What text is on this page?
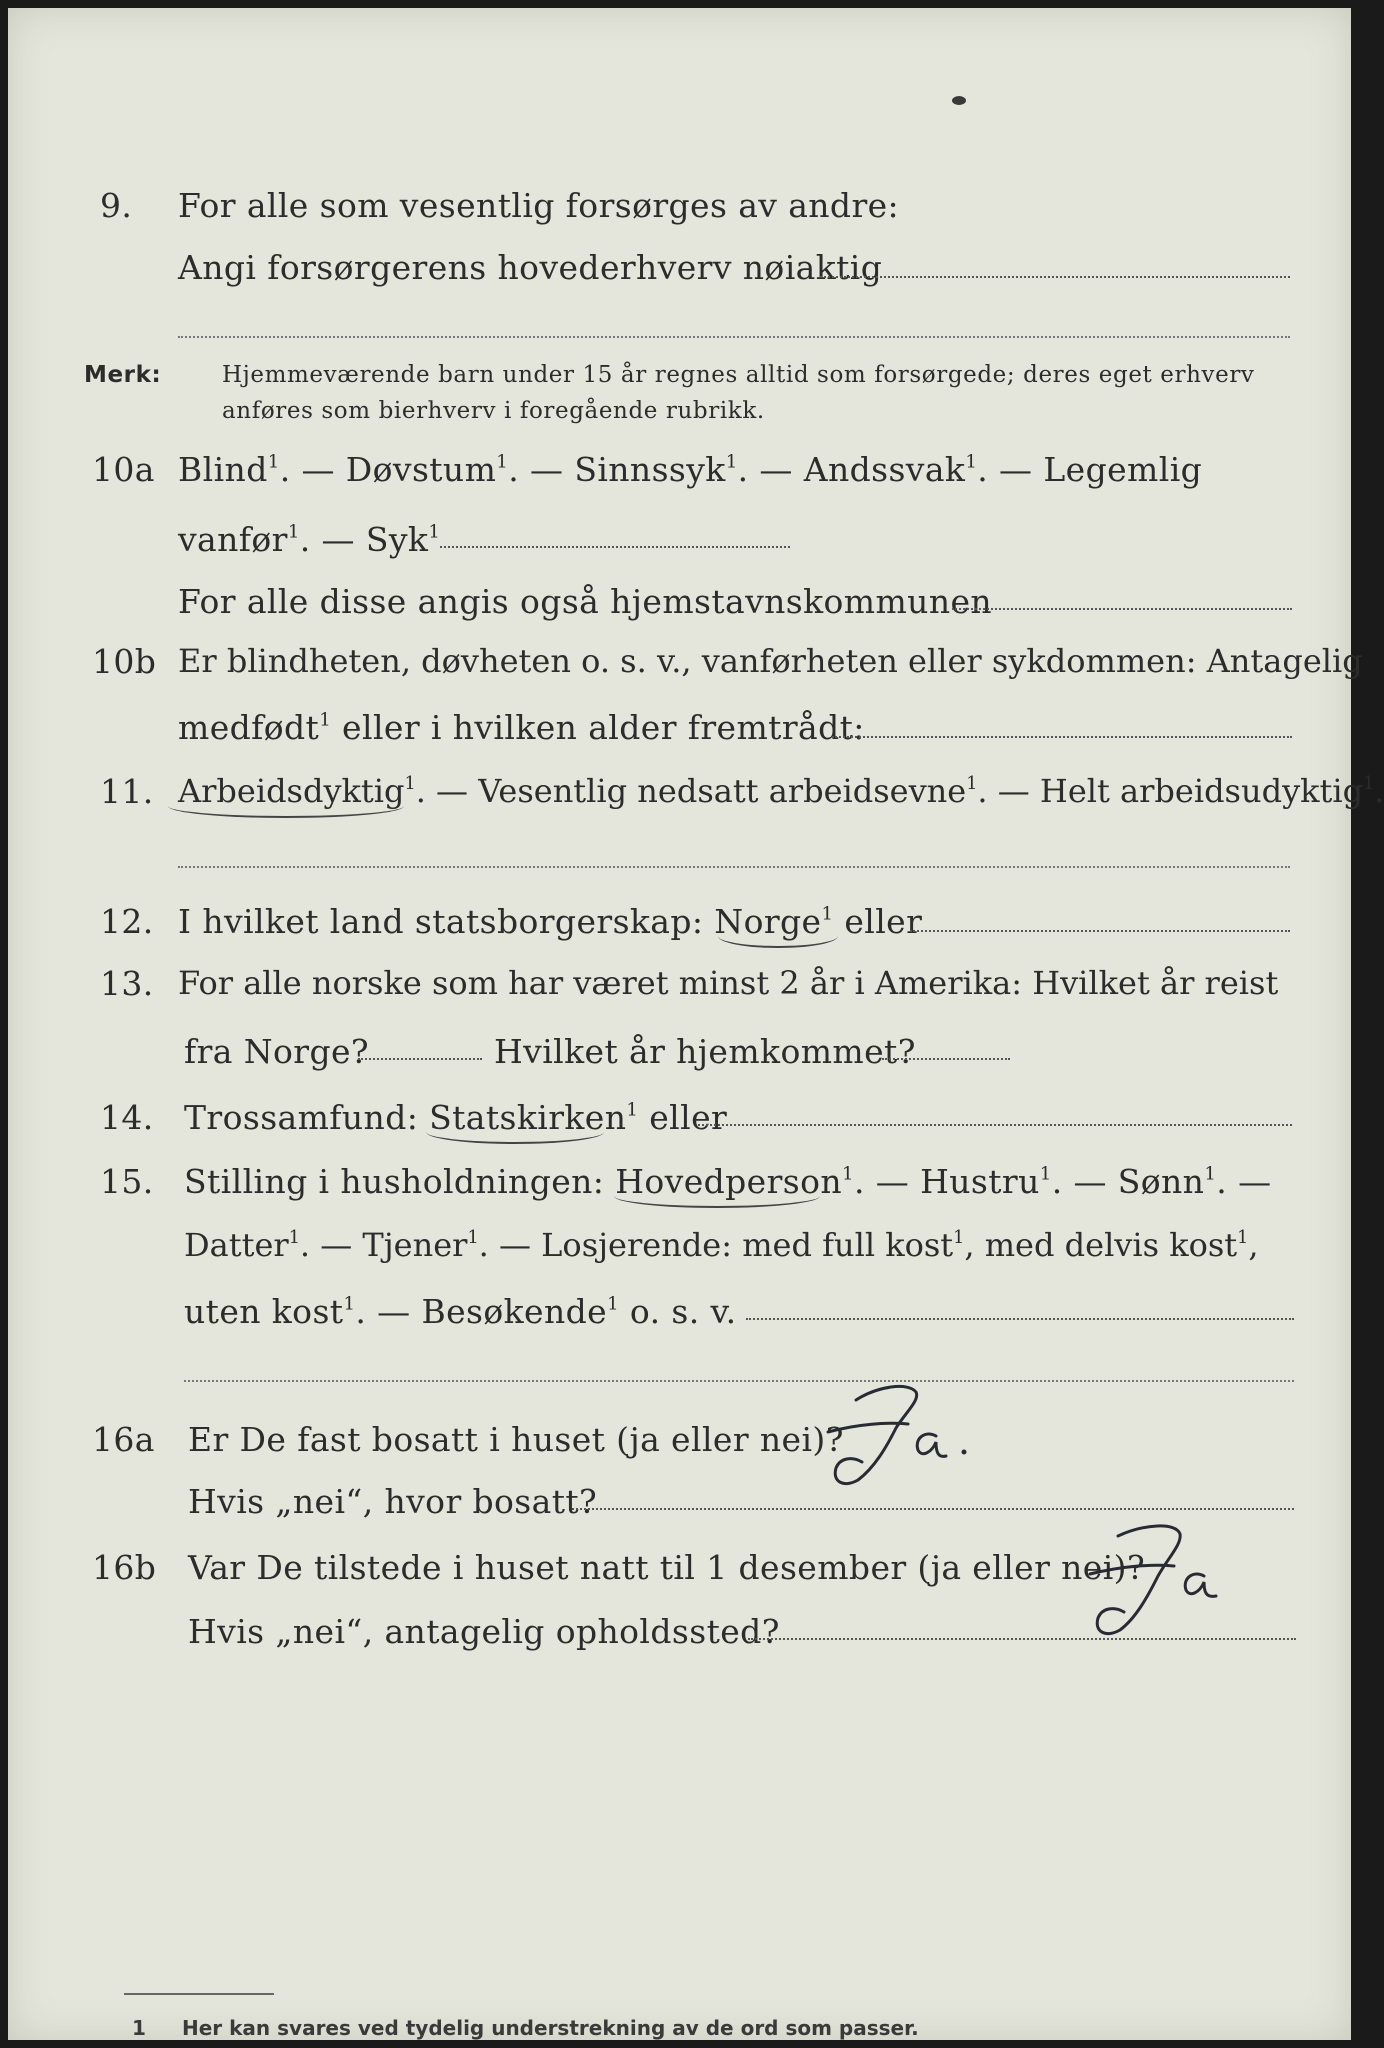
9.	For alle som vesentlig forsørges av andre:
Angi forsørgerens hovederhverv nøiaktig
Merk:	Hjemmeværende barn under 15 år regnes alltid som forsørgede; deres eget erhverv
anføres som bierhverv i foregående rubrikk.
10a Blind$^1$. — Døvstum$^1$. — Sinnssyk$^1$. — Andssvak$^1$. — Legemlig
vanfør$^1$. — Syk$^1$
For alle disse angis også hjemstavnskommunen
10b Er blindheten, døvheten o. s. v., vanførheten eller sykdommen: Antagelig
medfødt$^1$ eller i hvilken alder fremtrådt:
11. Arbeidsdyktig$^1$. — Vesentlig nedsatt arbeidsevne$^1$. — Helt arbeidsudyktig$^1$.
12. I hvilket land statsborgerskap: Norge$^1$ eller
13. For alle norske som har været minst 2 år i Amerika: Hvilket år reist
fra Norge?	Hvilket år hjemkommet?
14. Trossamfund: Statskirken$^1$ eller
15. Stilling i husholdningen: Hovedperson$^1$. — Hustru$^1$. — Sønn$^1$. —
Datter$^1$. — Tjener$^1$. — Losjerende: med full kost$^1$, med delvis kost$^1$,
uten kost$^1$. — Besøkende$^1$ o. s. v.
16a	Er De fast bosatt i huset (ja eller nei)?
Hvis „nei“, hvor bosatt?
16b Var De tilstede i huset natt til 1 desember (ja eller nei)?
Hvis „nei“, antagelig opholdssted?
1 Her kan svares ved tydelig understrekning av de ord som passer.
